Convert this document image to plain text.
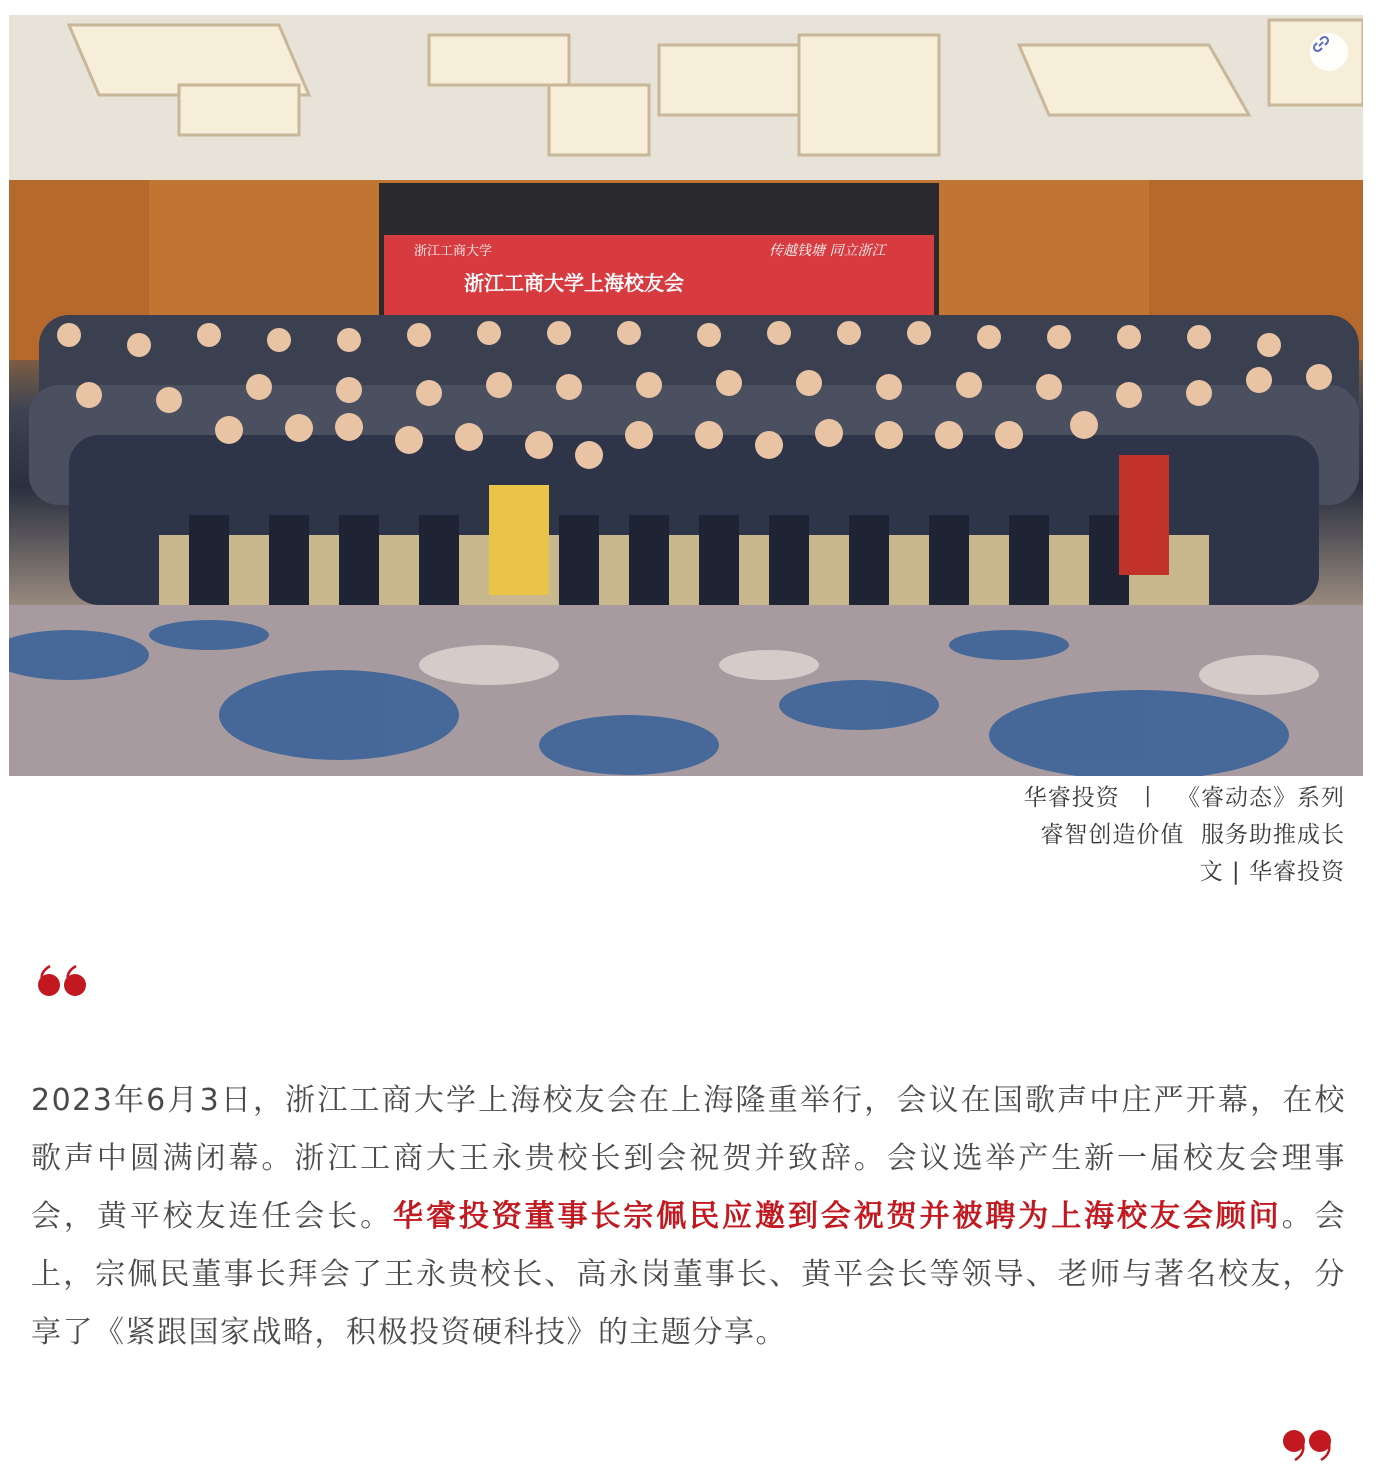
浙江工商大学	传越钱塘 同立浙江
浙江工商大学上海校友会
华睿投资  丨  《睿动态》系列
睿智创造价值  服务助推成长
文 | 华睿投资
2023年6月3日，浙江工商大学上海校友会在上海隆重举行，会议在国歌声中庄严开幕，在校歌声中圆满闭幕。浙江工商大王永贵校长到会祝贺并致辞。会议选举产生新一届校友会理事会，黄平校友连任会长。华睿投资董事长宗佩民应邀到会祝贺并被聘为上海校友会顾问。会上，宗佩民董事长拜会了王永贵校长、高永岗董事长、黄平会长等领导、老师与著名校友，分享了《紧跟国家战略，积极投资硬科技》的主题分享。
